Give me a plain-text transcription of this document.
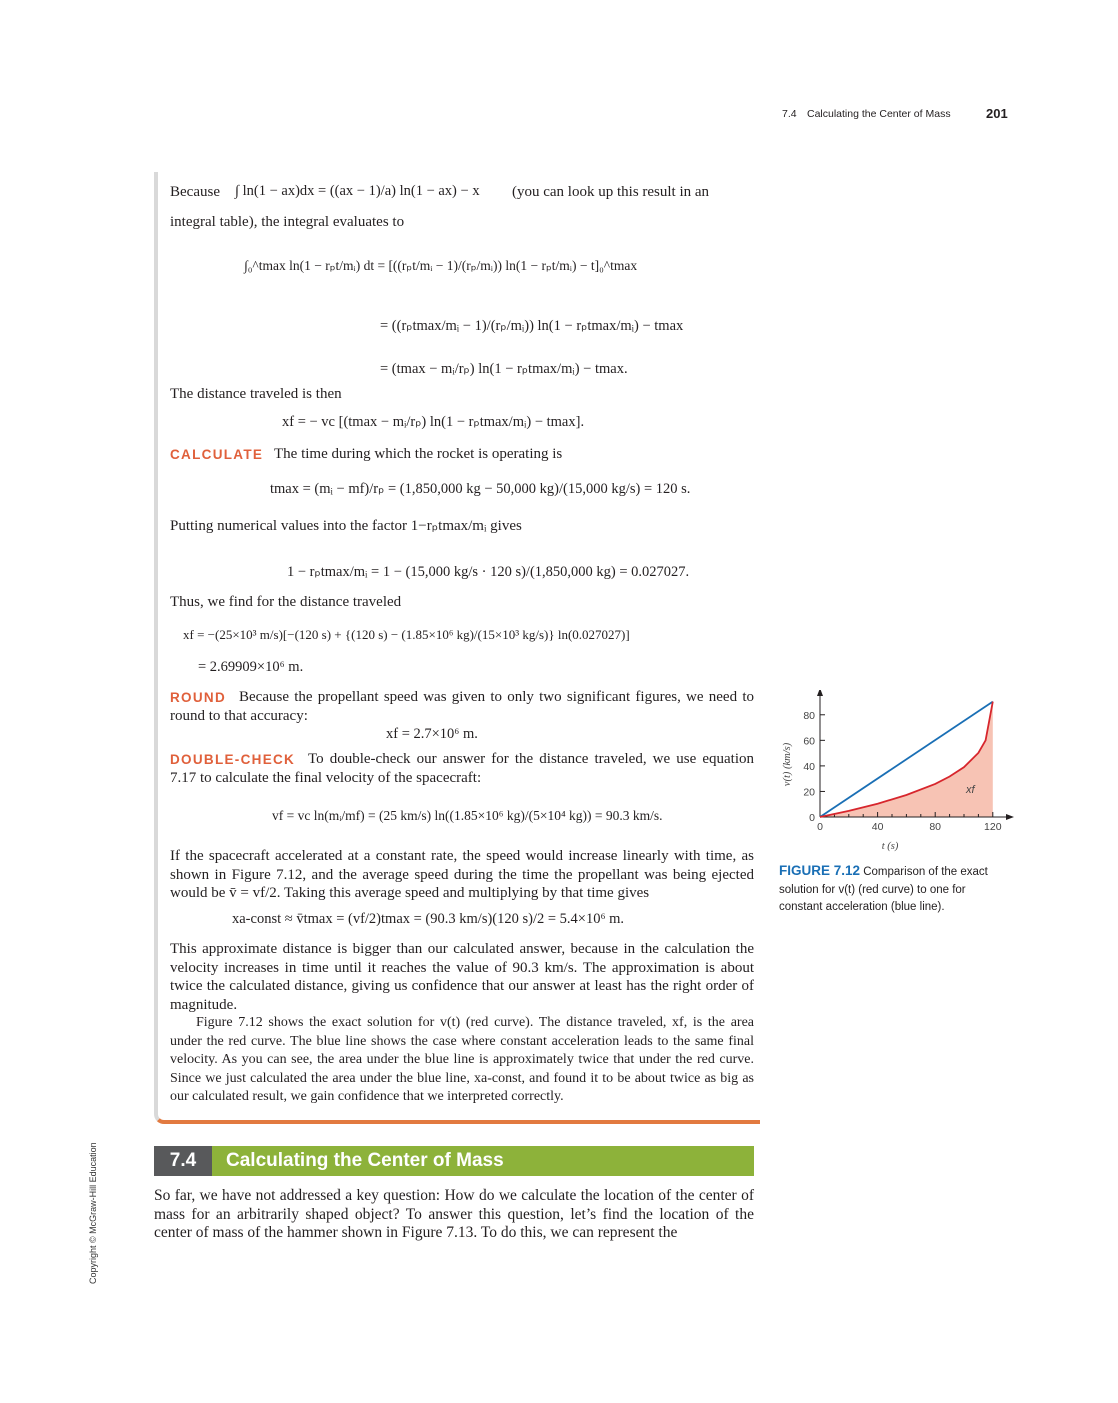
7.4 Calculating the Center of Mass	201
Because ∫ ln(1 − ax)dx = ((ax − 1)/a) ln(1 − ax) − x (you can look up this result in an
integral table), the integral evaluates to
∫₀^tmax ln(1 − rₚt/mᵢ) dt = [((rₚt/mᵢ − 1)/(rₚ/mᵢ)) ln(1 − rₚt/mᵢ) − t]₀^tmax
= ((rₚtmax/mᵢ − 1)/(rₚ/mᵢ)) ln(1 − rₚtmax/mᵢ) − tmax
= (tmax − mᵢ/rₚ) ln(1 − rₚtmax/mᵢ) − tmax.
The distance traveled is then
xf = − vc [(tmax − mᵢ/rₚ) ln(1 − rₚtmax/mᵢ) − tmax].
CALCULATE The time during which the rocket is operating is
tmax = (mᵢ − mf)/rₚ = (1,850,000 kg − 50,000 kg)/(15,000 kg/s) = 120 s.
Putting numerical values into the factor 1−rₚtmax/mᵢ gives
1 − rₚtmax/mᵢ = 1 − (15,000 kg/s · 120 s)/(1,850,000 kg) = 0.027027.
Thus, we find for the distance traveled
xf = −(25×10³ m/s)[−(120 s) + {(120 s) − (1.85×10⁶ kg)/(15×10³ kg/s)} ln(0.027027)]
= 2.69909×10⁶ m.
ROUND Because the propellant speed was given to only two significant figures, we need to round to that accuracy:
xf = 2.7×10⁶ m.
DOUBLE-CHECK To double-check our answer for the distance traveled, we use equation 7.17 to calculate the final velocity of the spacecraft:
vf = vc ln(mᵢ/mf) = (25 km/s) ln((1.85×10⁶ kg)/(5×10⁴ kg)) = 90.3 km/s.
If the spacecraft accelerated at a constant rate, the speed would increase linearly with time, as shown in Figure 7.12, and the average speed during the time the propellant was being ejected would be v̄ = vf/2. Taking this average speed and multiplying by that time gives
xa-const ≈ v̄tmax = (vf/2)tmax = (90.3 km/s)(120 s)/2 = 5.4×10⁶ m.
This approximate distance is bigger than our calculated answer, because in the calculation the velocity increases in time until it reaches the value of 90.3 km/s. The approximation is about twice the calculated distance, giving us confidence that our answer at least has the right order of magnitude.
Figure 7.12 shows the exact solution for v(t) (red curve). The distance traveled, xf, is the area under the red curve. The blue line shows the case where constant acceleration leads to the same final velocity. As you can see, the area under the blue line is approximately twice that under the red curve. Since we just calculated the area under the blue line, xa-const, and found it to be about twice as big as our calculated result, we gain confidence that we interpreted correctly.
7.4	Calculating the Center of Mass
So far, we have not addressed a key question: How do we calculate the location of the center of mass for an arbitrarily shaped object? To answer this question, let’s find the location of the center of mass of the hammer shown in Figure 7.13. To do this, we can represent the
Copyright © McGraw-Hill Education
0
20
40
60
80
0	40	80	120
t (s)
v(t) (km/s)
xf
FIGURE 7.12 Comparison of the exact solution for v(t) (red curve) to one for constant acceleration (blue line).
